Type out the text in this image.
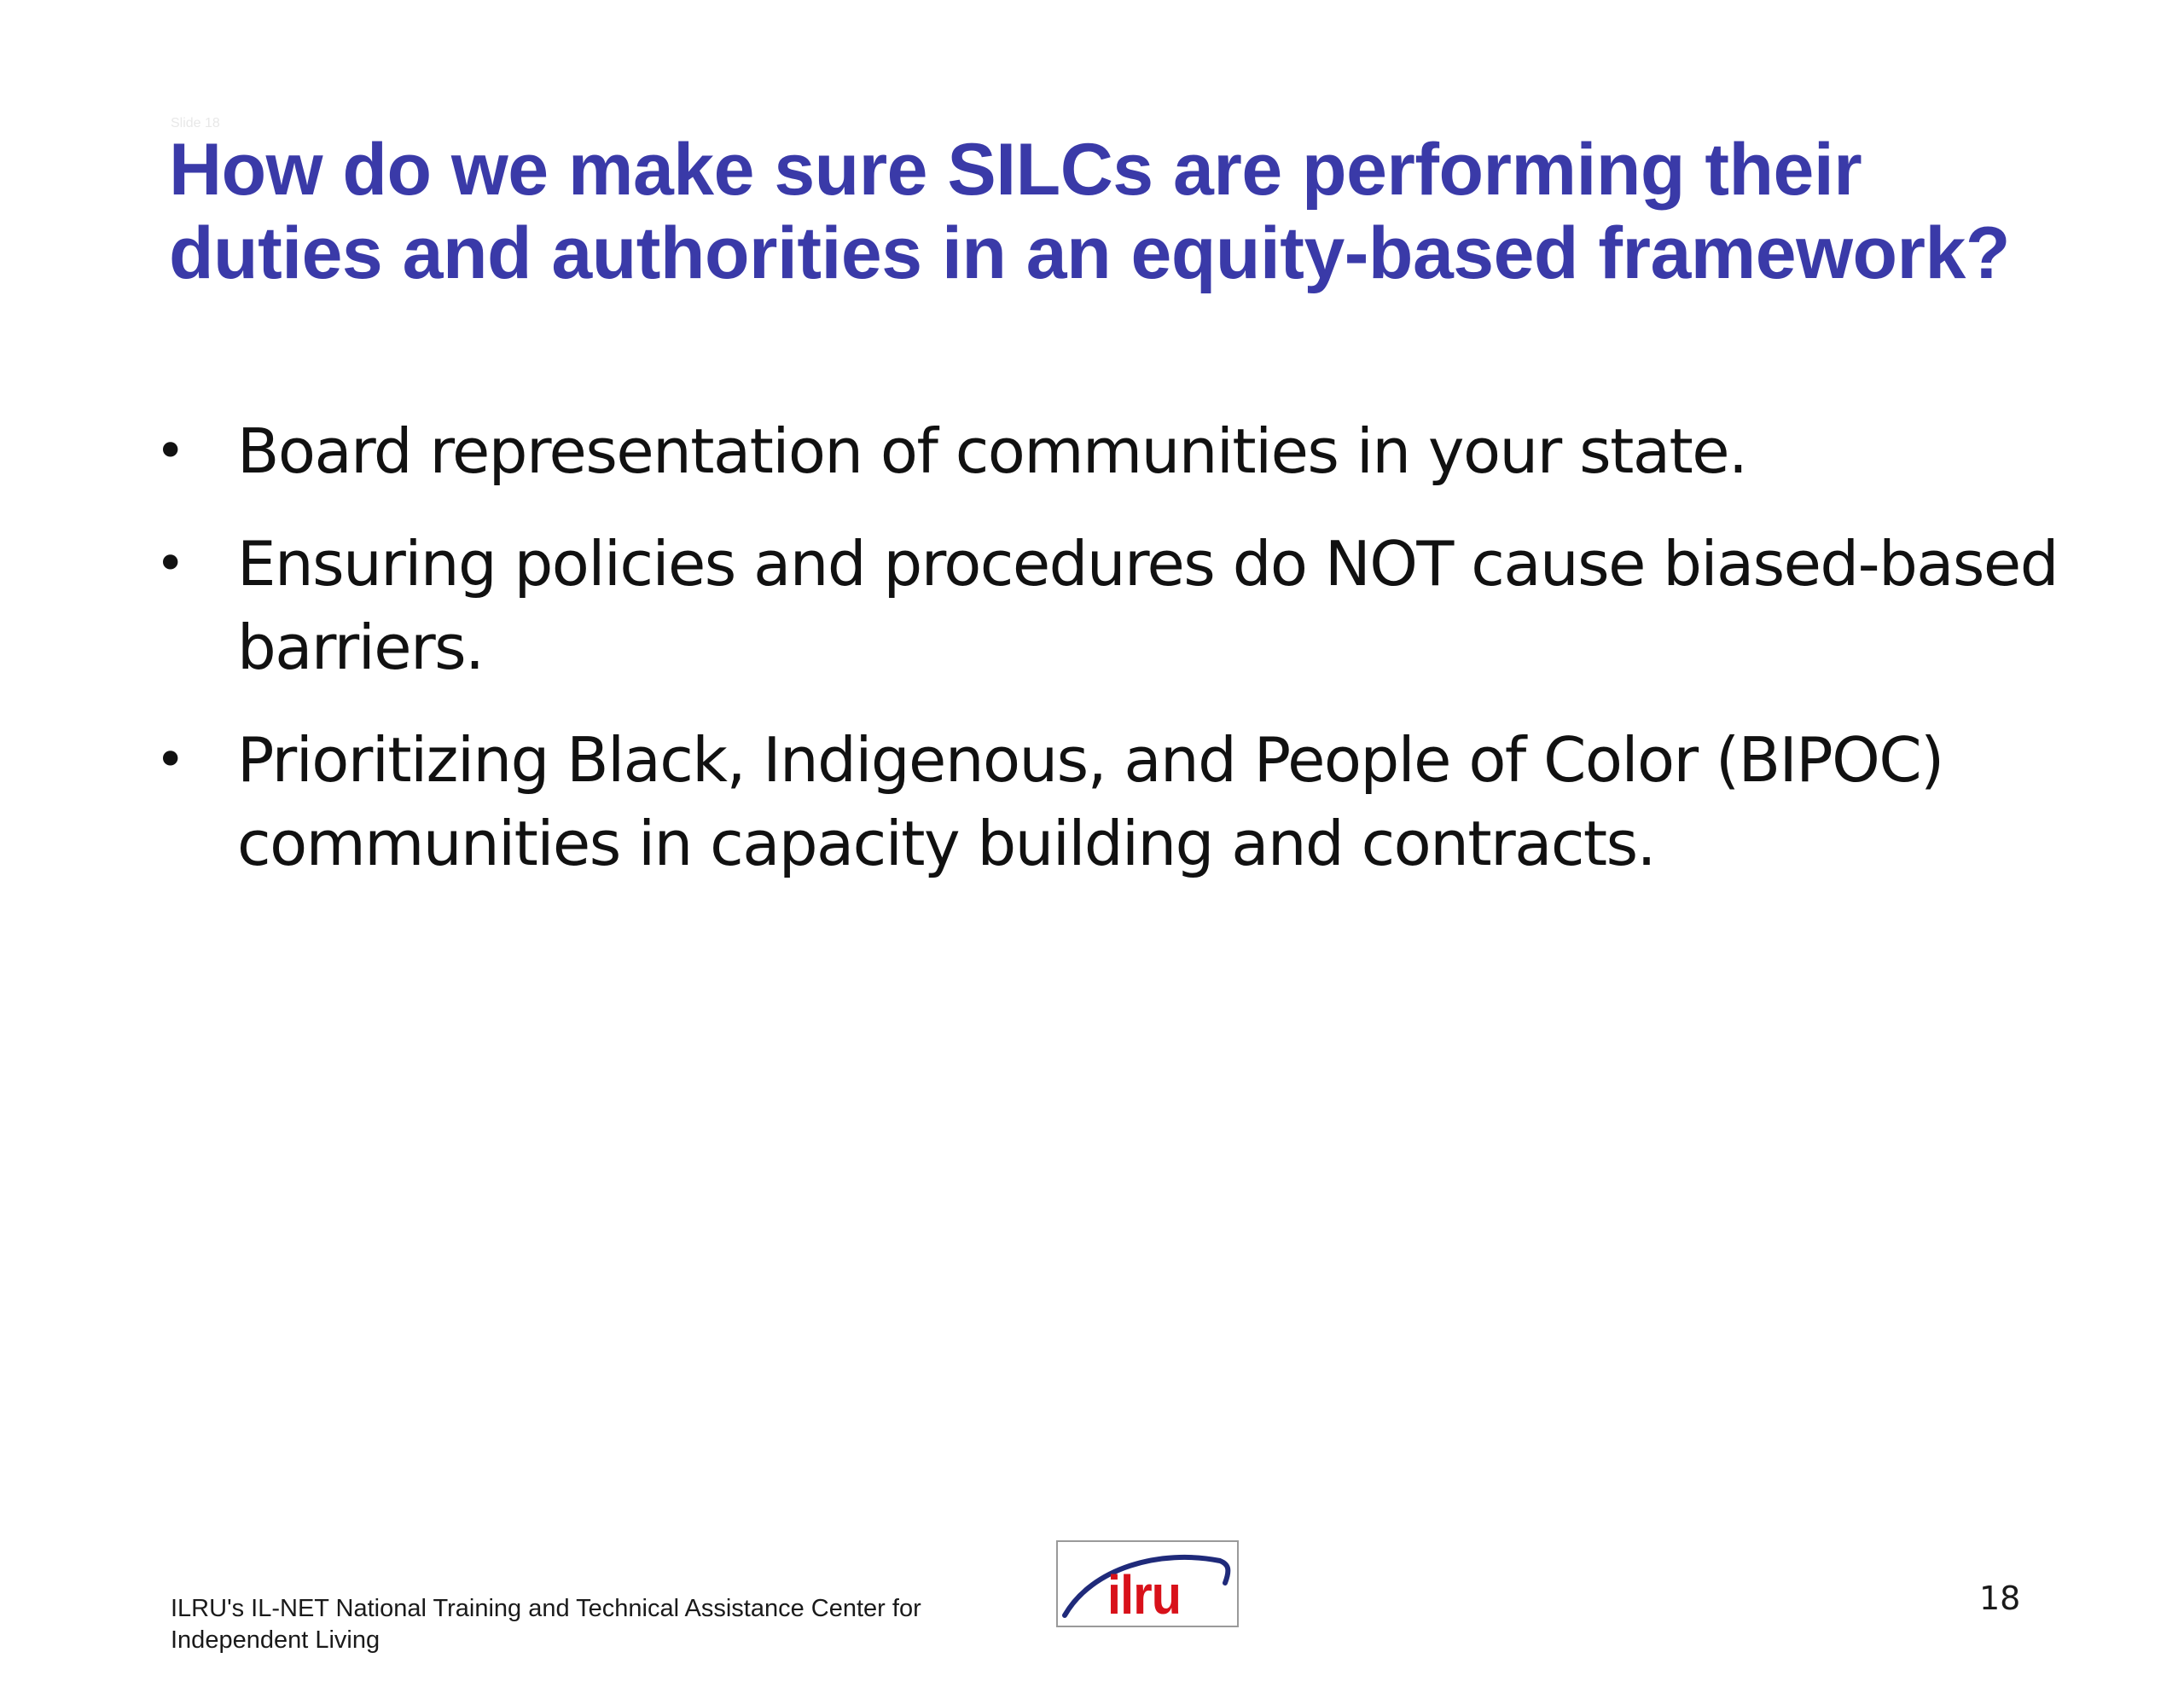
Slide 18
How do we make sure SILCs are performing their duties and authorities in an equity-based framework?
• Board representation of communities in your state.
• Ensuring policies and procedures do NOT cause biased-based barriers.
• Prioritizing Black, Indigenous, and People of Color (BIPOC) communities in capacity building and contracts.
ILRU's IL-NET National Training and Technical Assistance Center for Independent Living
ilru	18
